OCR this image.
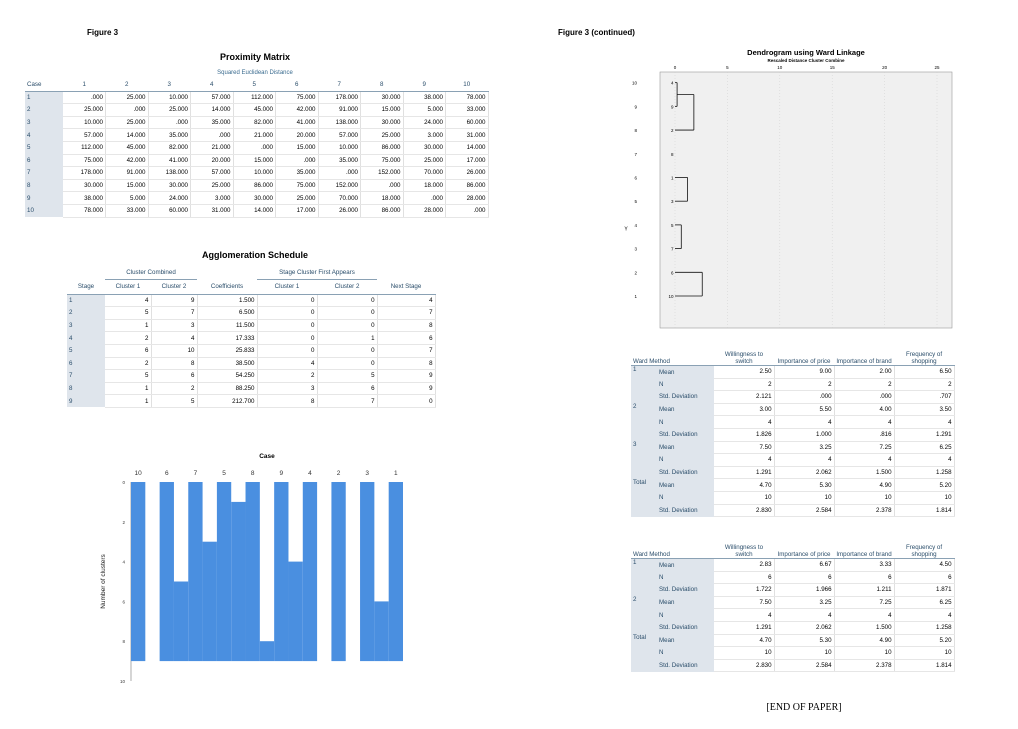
Figure 3
Proximity Matrix
Squared Euclidean Distance
Case	1	2	3	4	5	6	7	8	9	10
1	.000	25.000	10.000	57.000	112.000	75.000	178.000	30.000	38.000	78.000
2	25.000	.000	25.000	14.000	45.000	42.000	91.000	15.000	5.000	33.000
3	10.000	25.000	.000	35.000	82.000	41.000	138.000	30.000	24.000	60.000
4	57.000	14.000	35.000	.000	21.000	20.000	57.000	25.000	3.000	31.000
5	112.000	45.000	82.000	21.000	.000	15.000	10.000	86.000	30.000	14.000
6	75.000	42.000	41.000	20.000	15.000	.000	35.000	75.000	25.000	17.000
7	178.000	91.000	138.000	57.000	10.000	35.000	.000	152.000	70.000	26.000
8	30.000	15.000	30.000	25.000	86.000	75.000	152.000	.000	18.000	86.000
9	38.000	5.000	24.000	3.000	30.000	25.000	70.000	18.000	.000	28.000
10	78.000	33.000	60.000	31.000	14.000	17.000	26.000	86.000	28.000	.000
Agglomeration Schedule
	Cluster Combined			Stage Cluster First Appears		
Stage	Cluster 1	Cluster 2	Coefficients	Cluster 1	Cluster 2	Next Stage
1	4	9	1.500	0	0	4
2	5	7	6.500	0	0	7
3	1	3	11.500	0	0	8
4	2	4	17.333	0	1	6
5	6	10	25.833	0	0	7
6	2	8	38.500	4	0	8
7	5	6	54.250	2	5	9
8	1	2	88.250	3	6	9
9	1	5	212.700	8	7	0
Case
10	6	7	5	8	9	4	2	3	1
0
2
4
6
8
10
Number of clusters
Figure 3 (continued)
Dendrogram using Ward Linkage
Rescaled Distance Cluster Combine
0	5	10	15	20	25
10
9
8
7
6
5
4
3
2
1
Y
4
9
2
8
1
3
5
7
6
10
Ward Method		Willingness to switch	Importance of price	Importance of brand	Frequency of shopping
1	Mean	2.50	9.00	2.00	6.50
	N	2	2	2	2
	Std. Deviation	2.121	.000	.000	.707
2	Mean	3.00	5.50	4.00	3.50
	N	4	4	4	4
	Std. Deviation	1.826	1.000	.816	1.291
3	Mean	7.50	3.25	7.25	6.25
	N	4	4	4	4
	Std. Deviation	1.291	2.062	1.500	1.258
Total	Mean	4.70	5.30	4.90	5.20
	N	10	10	10	10
	Std. Deviation	2.830	2.584	2.378	1.814
Ward Method		Willingness to switch	Importance of price	Importance of brand	Frequency of shopping
1	Mean	2.83	6.67	3.33	4.50
	N	6	6	6	6
	Std. Deviation	1.722	1.966	1.211	1.871
2	Mean	7.50	3.25	7.25	6.25
	N	4	4	4	4
	Std. Deviation	1.291	2.062	1.500	1.258
Total	Mean	4.70	5.30	4.90	5.20
	N	10	10	10	10
	Std. Deviation	2.830	2.584	2.378	1.814
[END OF PAPER]
